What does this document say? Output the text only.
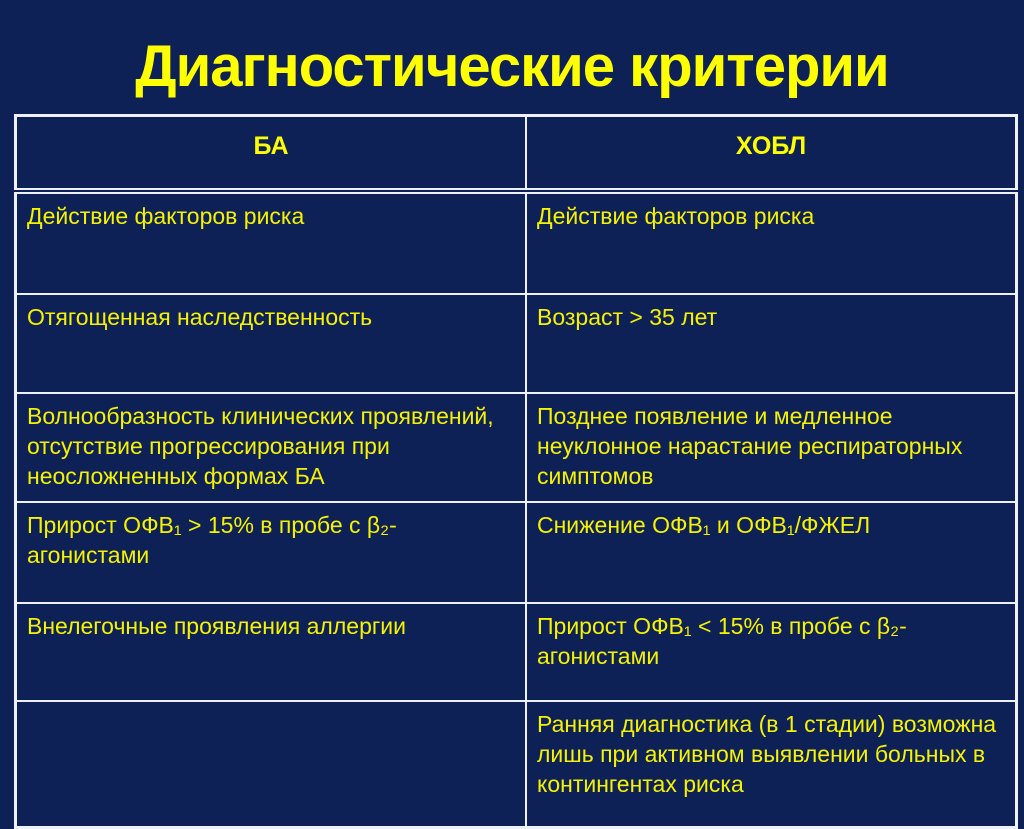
Диагностические критерии
БА	ХОБЛ
Действие факторов риска	Действие факторов риска
Отягощенная наследственность	Возраст > 35 лет
Волнообразность клинических проявлений, отсутствие прогрессирования при неосложненных формах БА	Позднее появление и медленное неуклонное нарастание респираторных симптомов
Прирост ОФВ₁ > 15% в пробе с β₂-агонистами	Снижение ОФВ₁ и ОФВ₁/ФЖЕЛ
Внелегочные проявления аллергии	Прирост ОФВ₁ < 15% в пробе с β₂-агонистами
	Ранняя диагностика (в 1 стадии) возможна лишь при активном выявлении больных в контингентах риска
